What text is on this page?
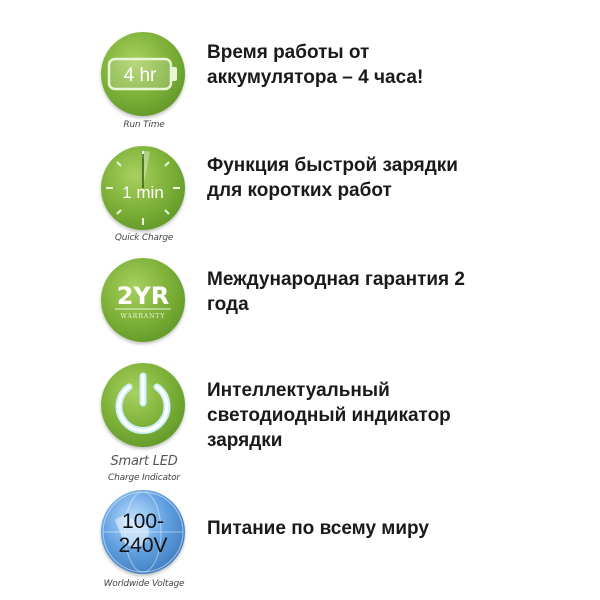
4 hr
Run Time
Время работы от
аккумулятора – 4 часа!
1 min
Quick Charge
Функция быстрой зарядки
для коротких работ
2YR
WARRANTY
Международная гарантия 2
года
Smart LED
Charge Indicator
Интеллектуальный
светодиодный индикатор
зарядки
100-
240V
Worldwide Voltage
Питание по всему миру
